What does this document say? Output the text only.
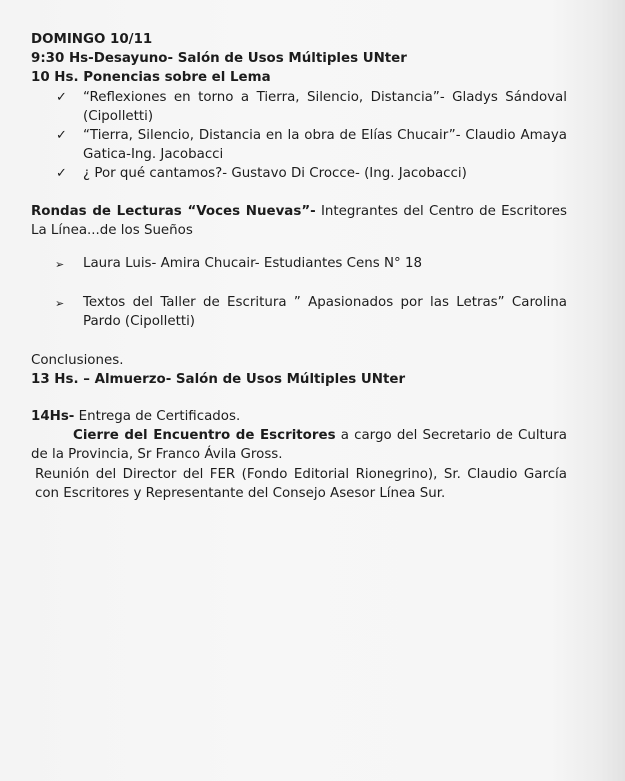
DOMINGO 10/11
9:30 Hs-Desayuno- Salón de Usos Múltiples UNter
10 Hs. Ponencias sobre el Lema
✓	“Reflexiones en torno a Tierra, Silencio, Distancia”- Gladys Sándoval (Cipolletti)
✓	“Tierra, Silencio, Distancia en la obra de Elías Chucair”- Claudio Amaya Gatica-Ing. Jacobacci
✓	¿ Por qué cantamos?- Gustavo Di Crocce- (Ing. Jacobacci)
Rondas de Lecturas “Voces Nuevas”- Integrantes del Centro de Escritores La Línea...de los Sueños
➢	Laura Luis- Amira Chucair- Estudiantes Cens N° 18
➢	Textos del Taller de Escritura ” Apasionados por las Letras” Carolina Pardo (Cipolletti)
Conclusiones.
13 Hs. – Almuerzo- Salón de Usos Múltiples UNter
14Hs- Entrega de Certificados.
Cierre del Encuentro de Escritores a cargo del Secretario de Cultura de la Provincia, Sr Franco Ávila Gross.
Reunión del Director del FER (Fondo Editorial Rionegrino), Sr. Claudio García con Escritores y Representante del Consejo Asesor Línea Sur.
